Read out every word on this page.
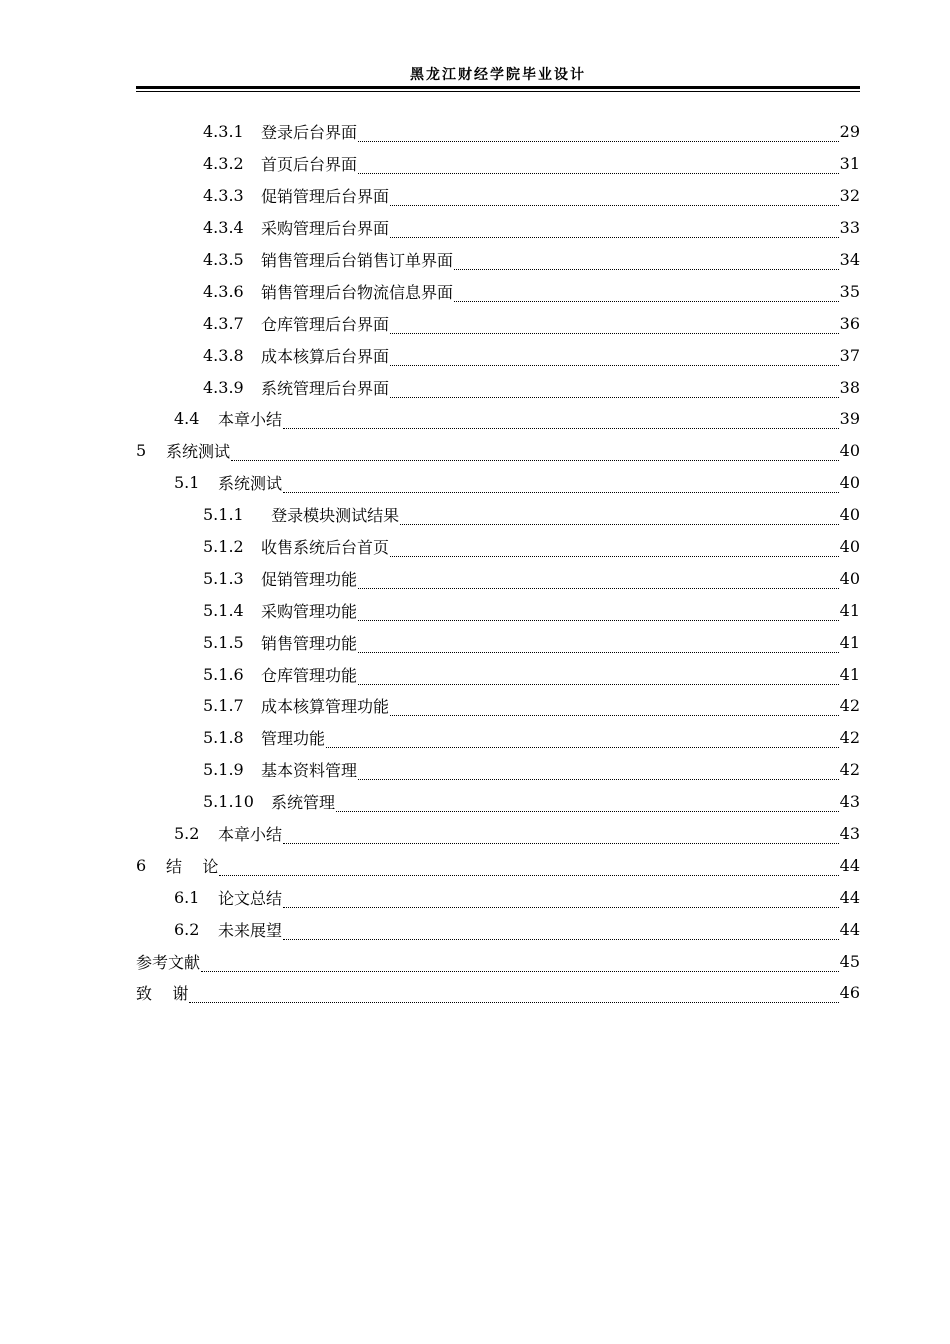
黑龙江财经学院毕业设计
4.3.1	登录后台界面	29
4.3.2	首页后台界面	31
4.3.3	促销管理后台界面	32
4.3.4	采购管理后台界面	33
4.3.5	销售管理后台销售订单界面	34
4.3.6	销售管理后台物流信息界面	35
4.3.7	仓库管理后台界面	36
4.3.8	成本核算后台界面	37
4.3.9	系统管理后台界面	38
4.4	本章小结	39
5	系统测试	40
5.1	系统测试	40
5.1.1	登录模块测试结果	40
5.1.2	收售系统后台首页	40
5.1.3	促销管理功能	40
5.1.4	采购管理功能	41
5.1.5	销售管理功能	41
5.1.6	仓库管理功能	41
5.1.7	成本核算管理功能	42
5.1.8	管理功能	42
5.1.9	基本资料管理	42
5.1.10	系统管理	43
5.2	本章小结	43
6	结    论	44
6.1	论文总结	44
6.2	未来展望	44
参考文献	45
致    谢	46
